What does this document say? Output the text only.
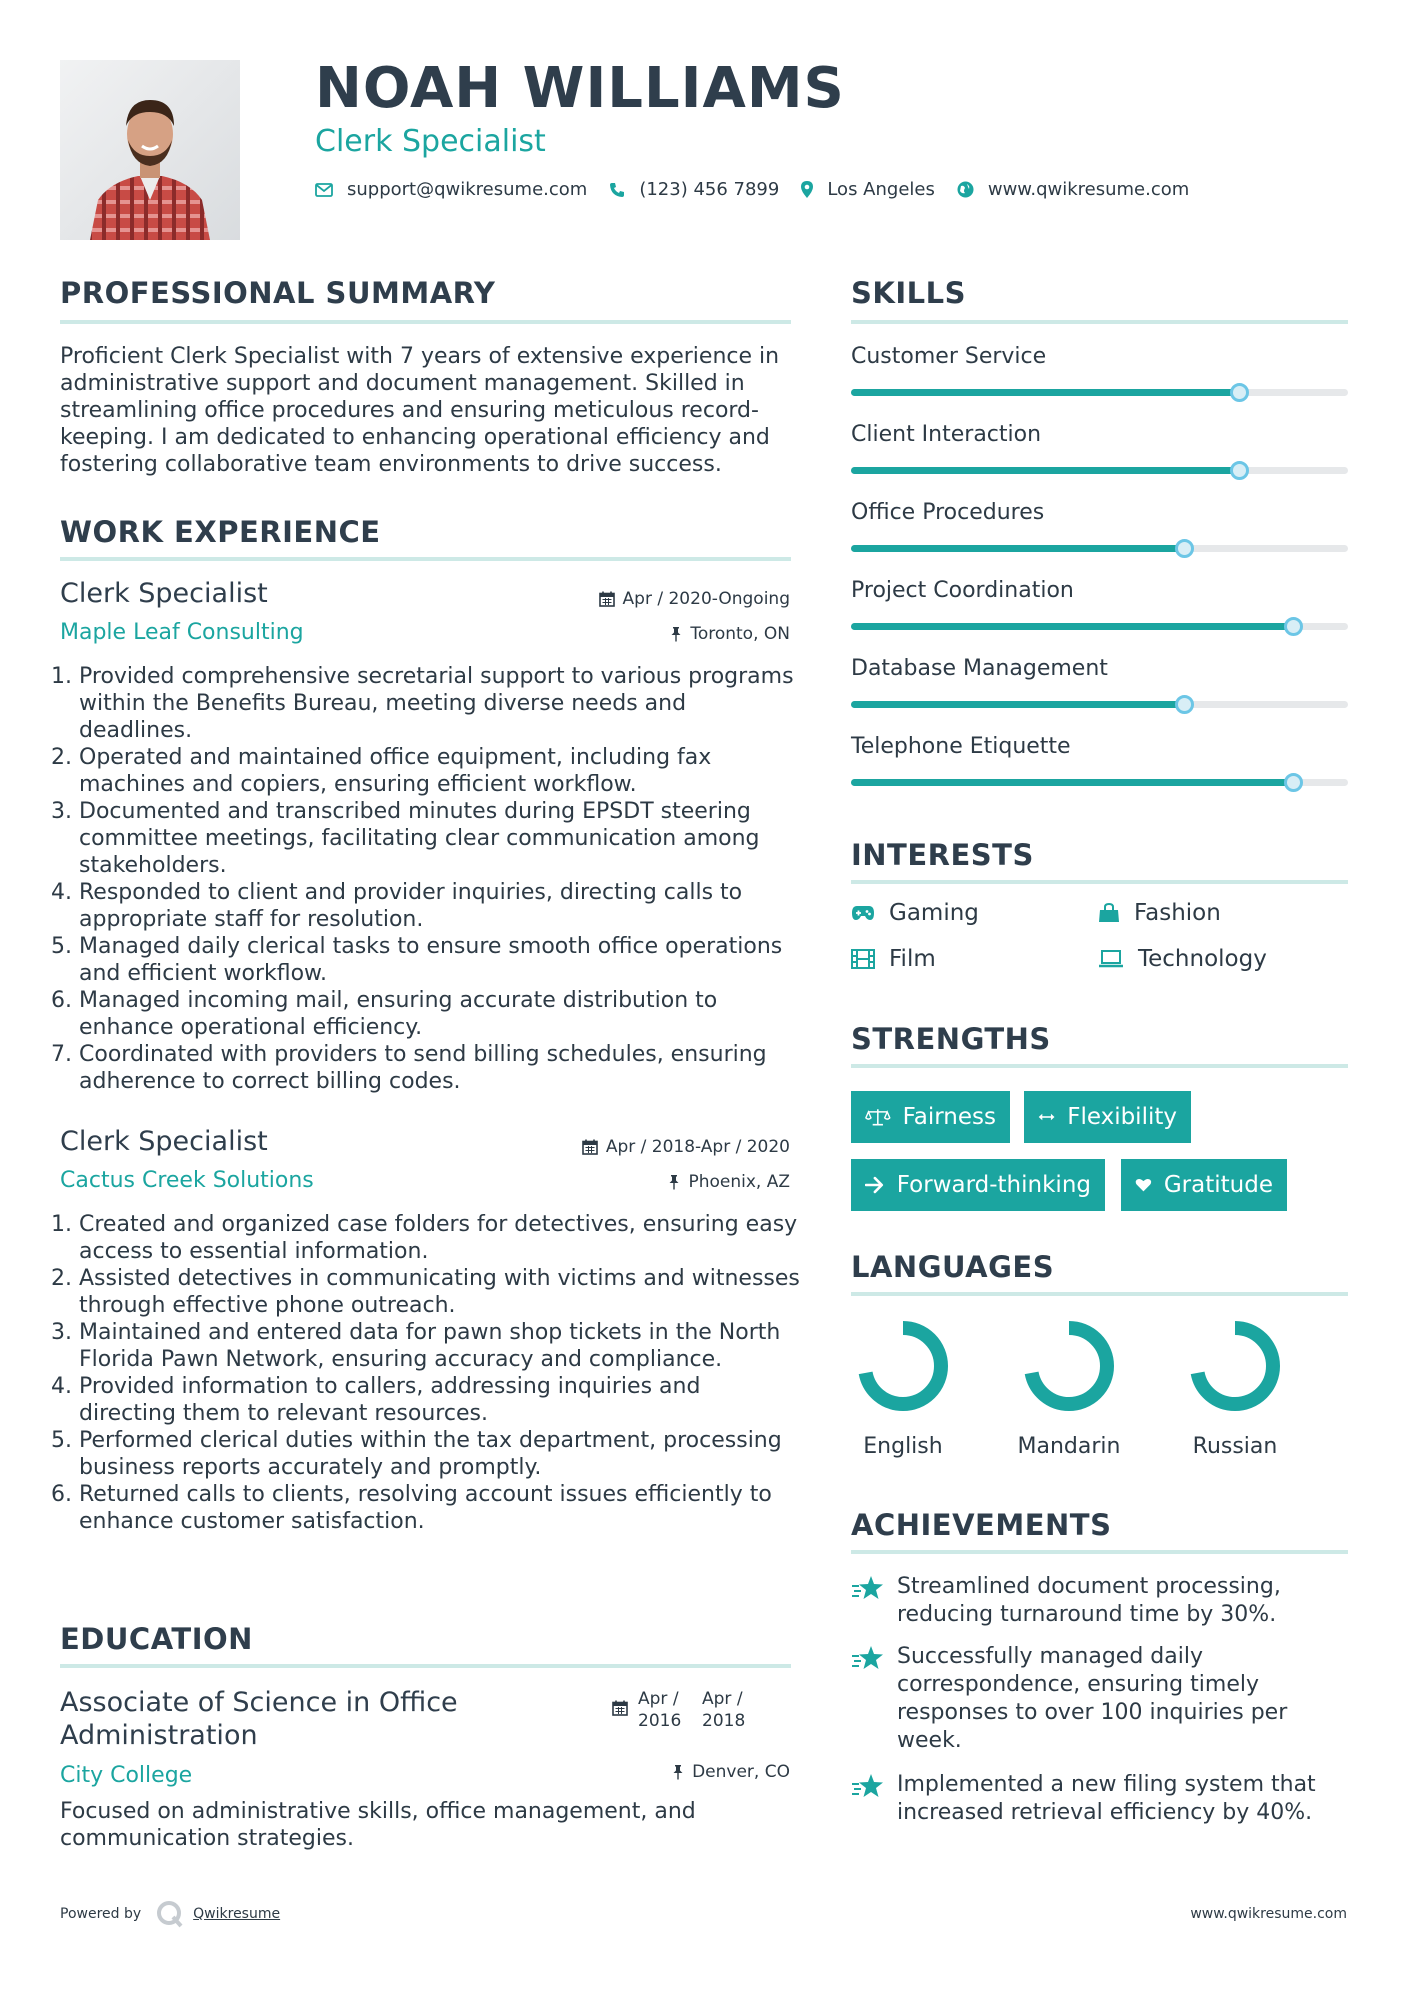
NOAH WILLIAMS
Clerk Specialist
support@qwikresume.com	(123) 456 7899	Los Angeles	www.qwikresume.com
PROFESSIONAL SUMMARY
Proficient Clerk Specialist with 7 years of extensive experience in administrative support and document management. Skilled in streamlining office procedures and ensuring meticulous record-keeping. I am dedicated to enhancing operational efficiency and fostering collaborative team environments to drive success.
WORK EXPERIENCE
Clerk Specialist
Maple Leaf Consulting
Apr / 2020-Ongoing
Toronto, ON
1. Provided comprehensive secretarial support to various programs within the Benefits Bureau, meeting diverse needs and deadlines.
2. Operated and maintained office equipment, including fax machines and copiers, ensuring efficient workflow.
3. Documented and transcribed minutes during EPSDT steering committee meetings, facilitating clear communication among stakeholders.
4. Responded to client and provider inquiries, directing calls to appropriate staff for resolution.
5. Managed daily clerical tasks to ensure smooth office operations and efficient workflow.
6. Managed incoming mail, ensuring accurate distribution to enhance operational efficiency.
7. Coordinated with providers to send billing schedules, ensuring adherence to correct billing codes.
Clerk Specialist
Cactus Creek Solutions
Apr / 2018-Apr / 2020
Phoenix, AZ
1. Created and organized case folders for detectives, ensuring easy access to essential information.
2. Assisted detectives in communicating with victims and witnesses through effective phone outreach.
3. Maintained and entered data for pawn shop tickets in the North Florida Pawn Network, ensuring accuracy and compliance.
4. Provided information to callers, addressing inquiries and directing them to relevant resources.
5. Performed clerical duties within the tax department, processing business reports accurately and promptly.
6. Returned calls to clients, resolving account issues efficiently to enhance customer satisfaction.
EDUCATION
Associate of Science in Office Administration
City College
Apr / 2016
Apr / 2018
Denver, CO
Focused on administrative skills, office management, and communication strategies.
SKILLS
Customer Service
Client Interaction
Office Procedures
Project Coordination
Database Management
Telephone Etiquette
INTERESTS
Gaming	Fashion
Film	Technology
STRENGTHS
Fairness	Flexibility
Forward-thinking	Gratitude
LANGUAGES
English	Mandarin	Russian
ACHIEVEMENTS
Streamlined document processing, reducing turnaround time by 30%.
Successfully managed daily correspondence, ensuring timely responses to over 100 inquiries per week.
Implemented a new filing system that increased retrieval efficiency by 40%.
Powered by	Qwikresume	www.qwikresume.com
